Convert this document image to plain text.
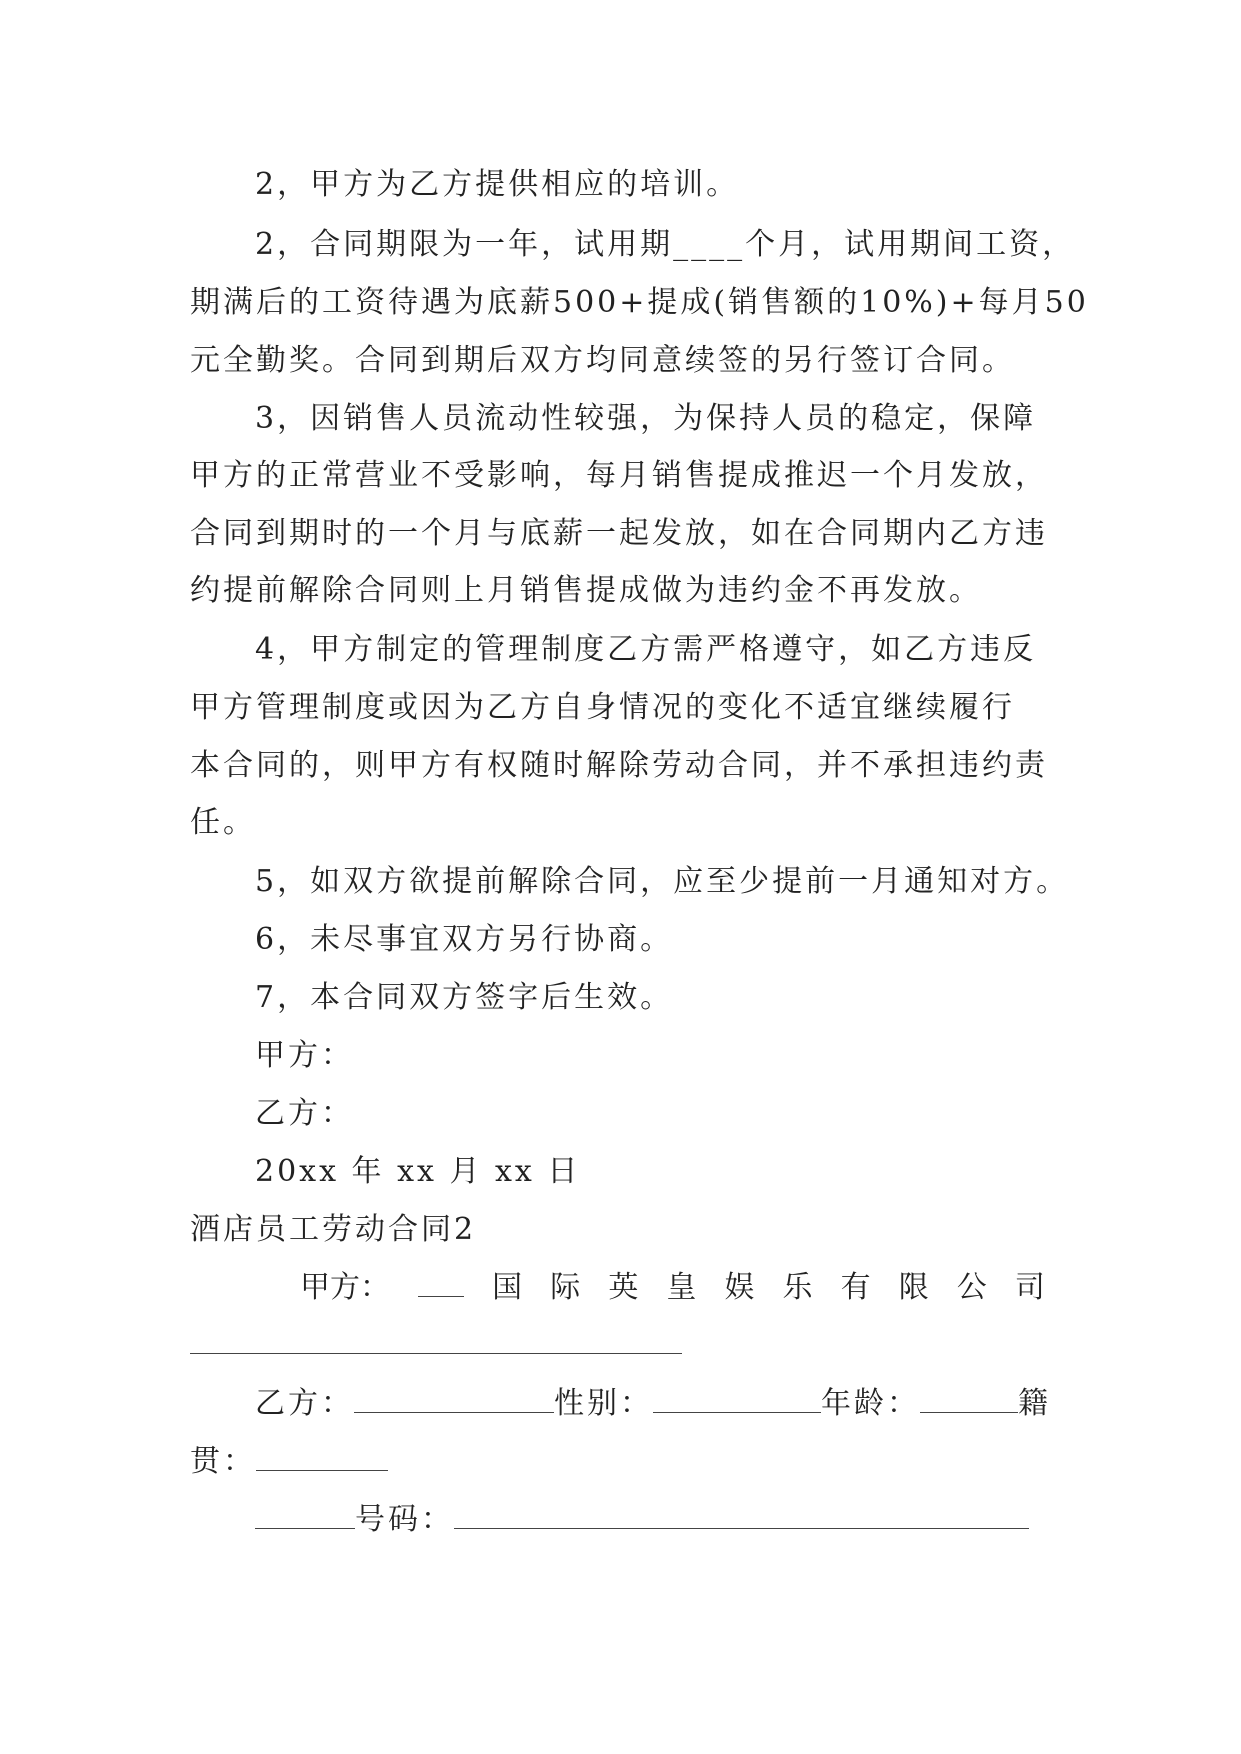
2，甲方为乙方提供相应的培训。
2，合同期限为一年，试用期____个月，试用期间工资，
期满后的工资待遇为底薪500+提成(销售额的10%)+每月50
元全勤奖。合同到期后双方均同意续签的另行签订合同。
3，因销售人员流动性较强，为保持人员的稳定，保障
甲方的正常营业不受影响，每月销售提成推迟一个月发放，
合同到期时的一个月与底薪一起发放，如在合同期内乙方违
约提前解除合同则上月销售提成做为违约金不再发放。
4，甲方制定的管理制度乙方需严格遵守，如乙方违反
甲方管理制度或因为乙方自身情况的变化不适宜继续履行
本合同的，则甲方有权随时解除劳动合同，并不承担违约责
任。
5，如双方欲提前解除合同，应至少提前一月通知对方。
6，未尽事宜双方另行协商。
7，本合同双方签字后生效。
甲方：
乙方：
20xx 年 xx 月 xx 日
酒店员工劳动合同2
甲方：	国 际 英 皇 娱 乐 有 限 公 司
乙方：	性别：	年龄：	籍
贯：
号码：
